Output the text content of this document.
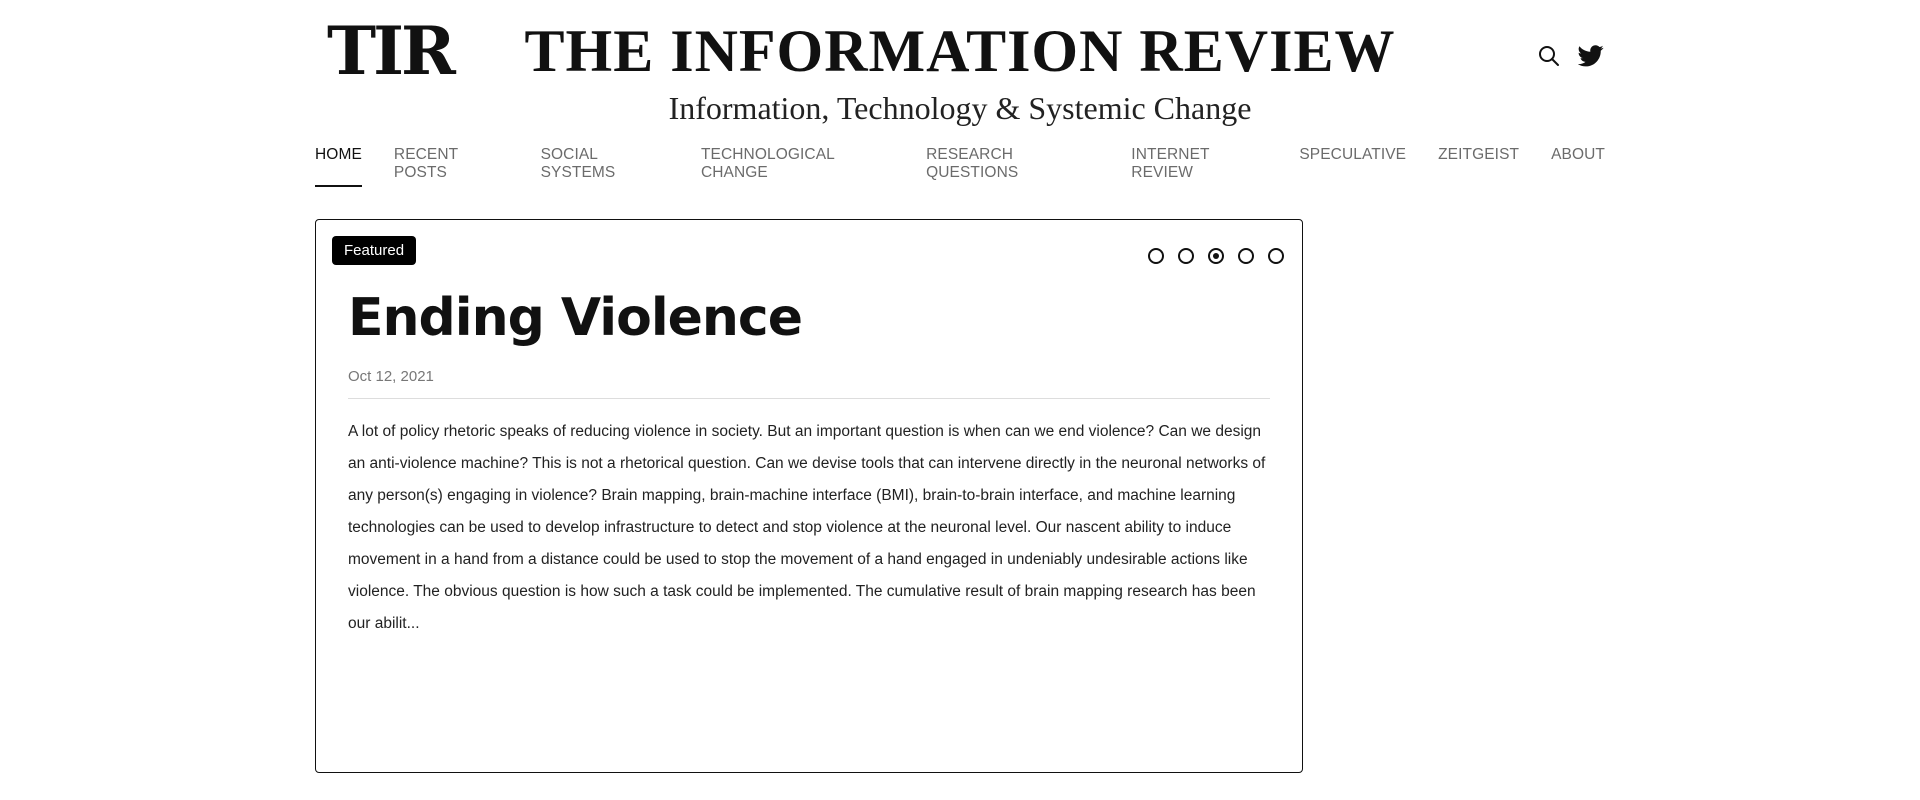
TIR	THE INFORMATION REVIEW
Information, Technology & Systemic Change
HOME RECENT POSTS
SOCIAL SYSTEMS
TECHNOLOGICAL CHANGE
RESEARCH QUESTIONS
INTERNET REVIEW
SPECULATIVE ZEITGEIST ABOUT
Featured
Ending Violence
Oct 12, 2021

A lot of policy rhetoric speaks of reducing violence in society. But an important question is when can we end violence? Can we design an anti-violence machine? This is not a rhetorical question. Can we devise tools that can intervene directly in the neuronal networks of any person(s) engaging in violence? Brain mapping, brain-machine interface (BMI), brain-to-brain interface, and machine learning technologies can be used to develop infrastructure to detect and stop violence at the neuronal level. Our nascent ability to induce movement in a hand from a distance could be used to stop the movement of a hand engaged in undeniably undesirable actions like violence. The obvious question is how such a task could be implemented. The cumulative result of brain mapping research has been our abilit...
